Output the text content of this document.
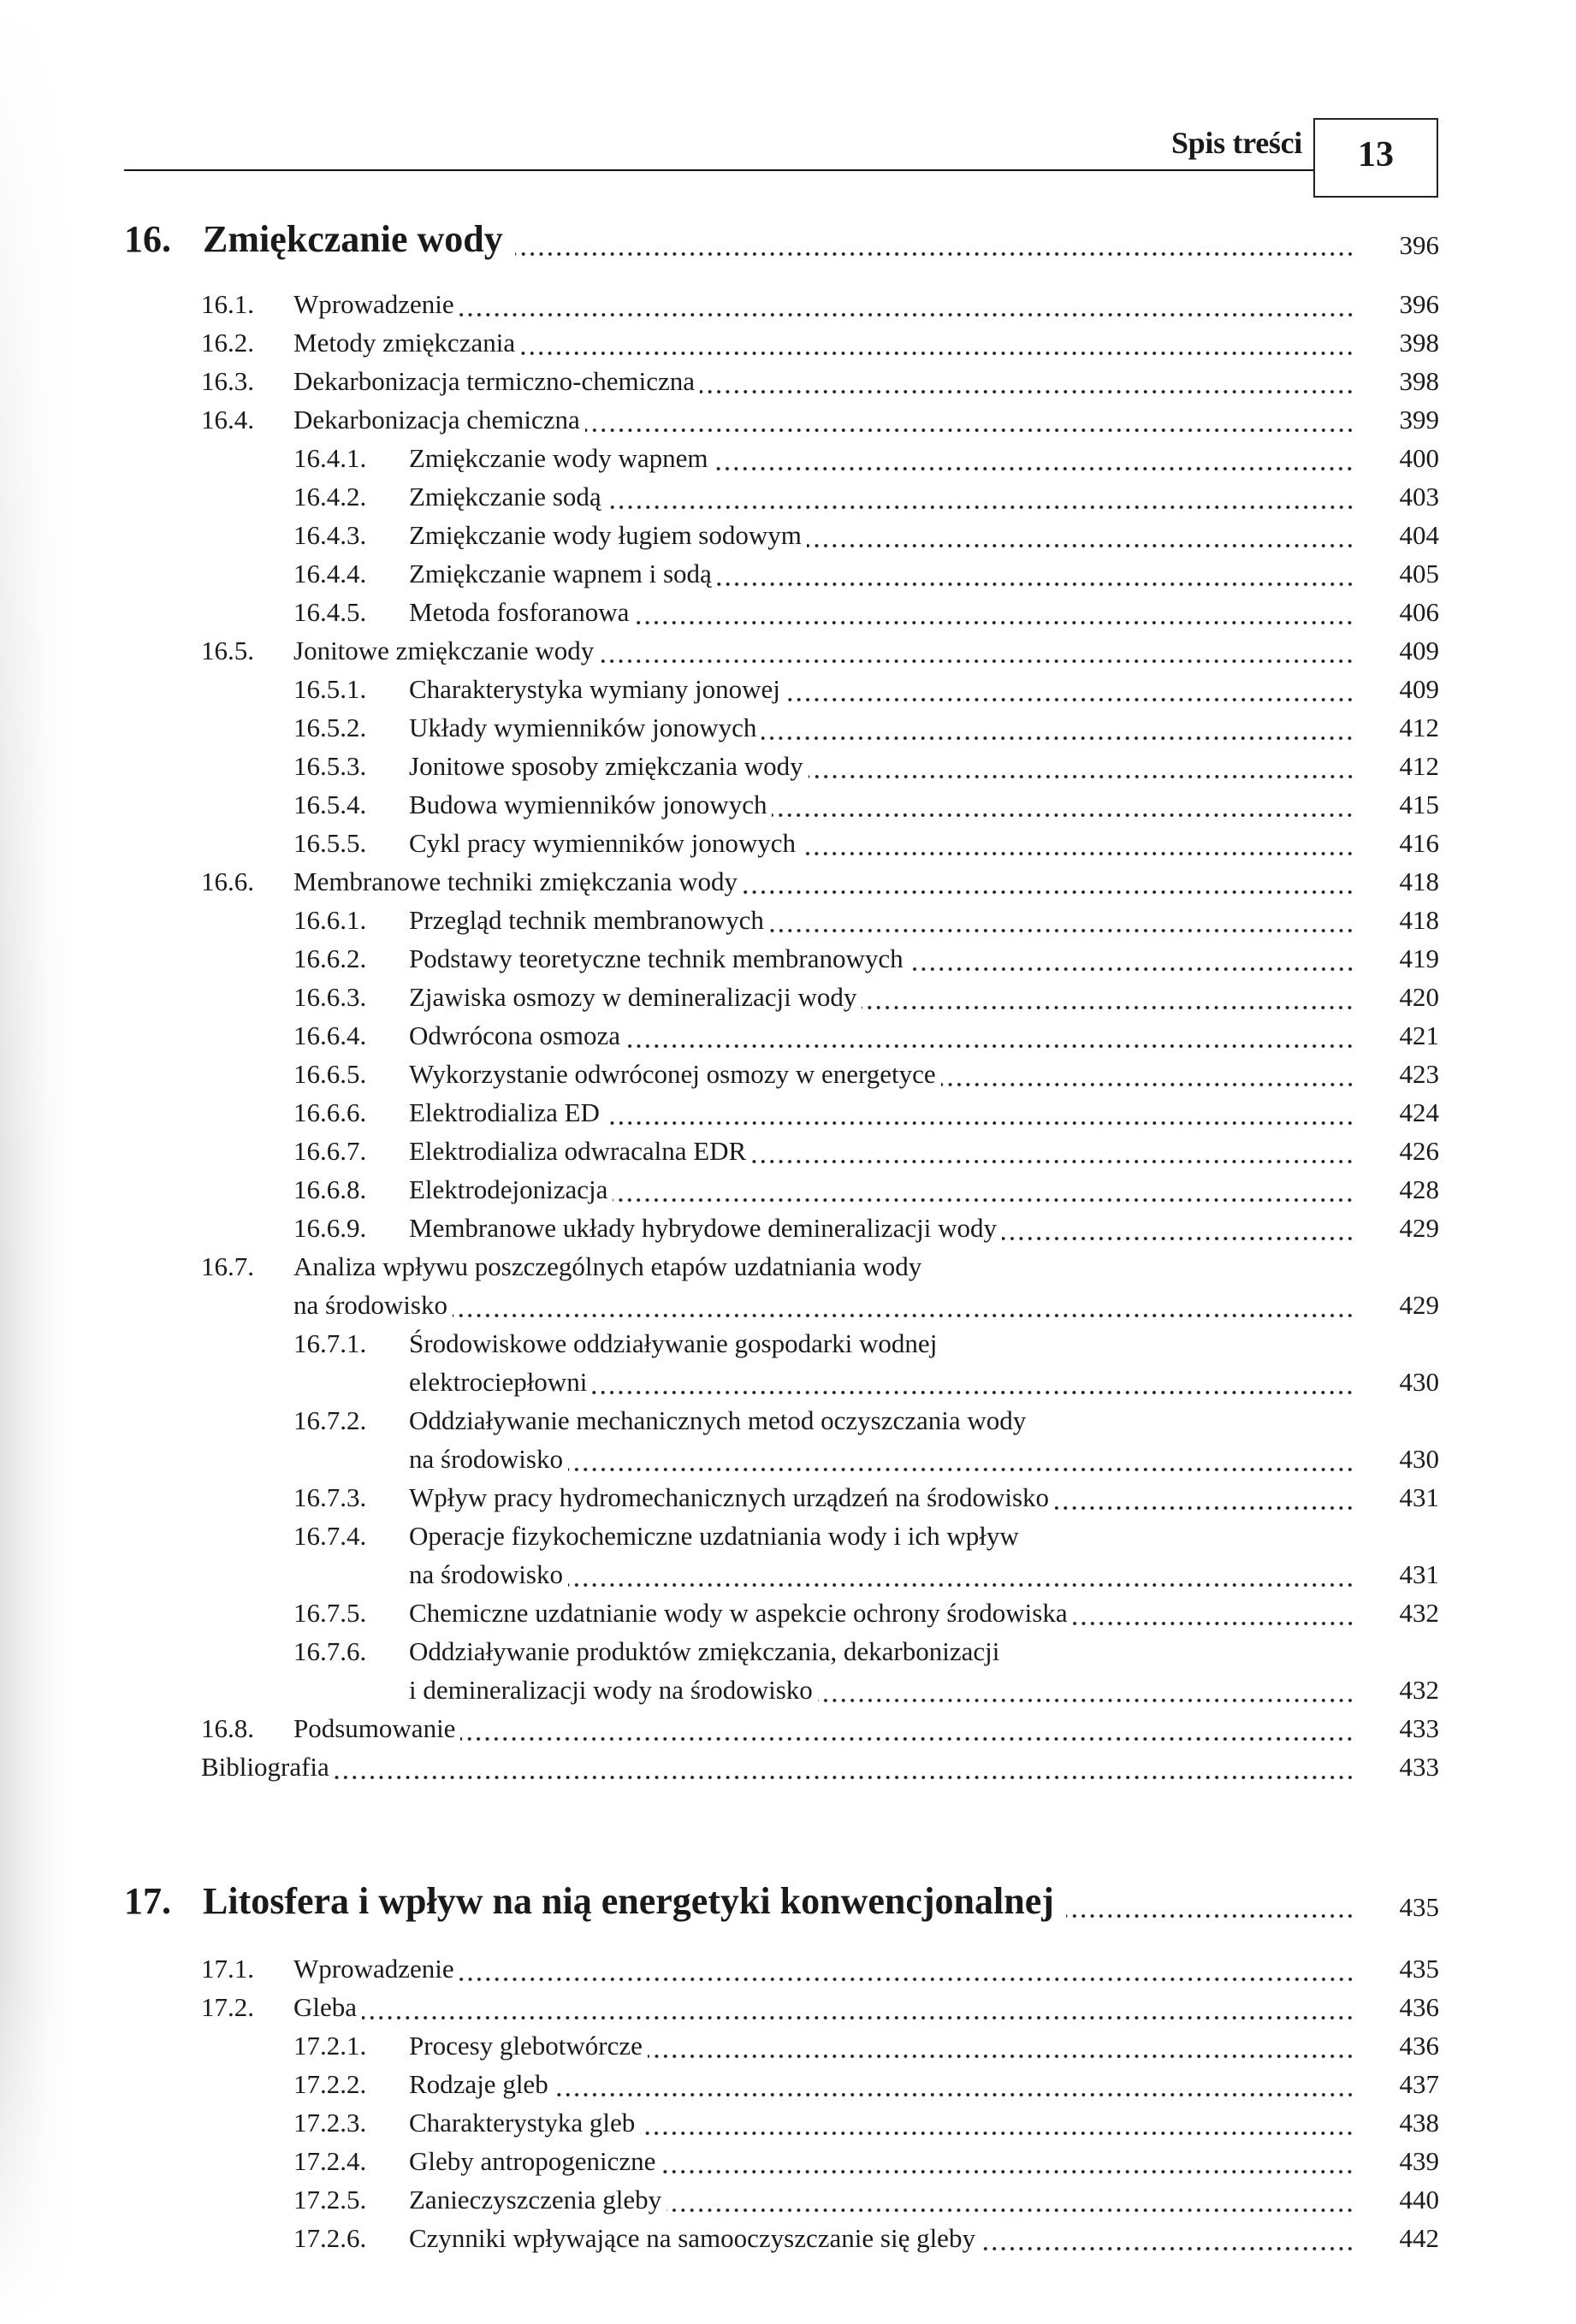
Spis treści	13
16. Zmiękczanie wody	396
16.1. Wprowadzenie	396
16.2. Metody zmiękczania	398
16.3. Dekarbonizacja termiczno-chemiczna	398
16.4. Dekarbonizacja chemiczna	399
16.4.1. Zmiękczanie wody wapnem	400
16.4.2. Zmiękczanie sodą	403
16.4.3. Zmiękczanie wody ługiem sodowym	404
16.4.4. Zmiękczanie wapnem i sodą	405
16.4.5. Metoda fosforanowa	406
16.5. Jonitowe zmiękczanie wody	409
16.5.1. Charakterystyka wymiany jonowej	409
16.5.2. Układy wymienników jonowych	412
16.5.3. Jonitowe sposoby zmiękczania wody	412
16.5.4. Budowa wymienników jonowych	415
16.5.5. Cykl pracy wymienników jonowych	416
16.6. Membranowe techniki zmiękczania wody	418
16.6.1. Przegląd technik membranowych	418
16.6.2. Podstawy teoretyczne technik membranowych	419
16.6.3. Zjawiska osmozy w demineralizacji wody	420
16.6.4. Odwrócona osmoza	421
16.6.5. Wykorzystanie odwróconej osmozy w energetyce	423
16.6.6. Elektrodializa ED	424
16.6.7. Elektrodializa odwracalna EDR	426
16.6.8. Elektrodejonizacja	428
16.6.9. Membranowe układy hybrydowe demineralizacji wody	429
16.7. Analiza wpływu poszczególnych etapów uzdatniania wody
na środowisko	429
16.7.1. Środowiskowe oddziaływanie gospodarki wodnej
elektrociepłowni	430
16.7.2. Oddziaływanie mechanicznych metod oczyszczania wody
na środowisko	430
16.7.3. Wpływ pracy hydromechanicznych urządzeń na środowisko	431
16.7.4. Operacje fizykochemiczne uzdatniania wody i ich wpływ
na środowisko	431
16.7.5. Chemiczne uzdatnianie wody w aspekcie ochrony środowiska	432
16.7.6. Oddziaływanie produktów zmiękczania, dekarbonizacji
i demineralizacji wody na środowisko	432
16.8. Podsumowanie	433
Bibliografia	433
17. Litosfera i wpływ na nią energetyki konwencjonalnej	435
17.1. Wprowadzenie	435
17.2. Gleba	436
17.2.1. Procesy glebotwórcze	436
17.2.2. Rodzaje gleb	437
17.2.3. Charakterystyka gleb	438
17.2.4. Gleby antropogeniczne	439
17.2.5. Zanieczyszczenia gleby	440
17.2.6. Czynniki wpływające na samooczyszczanie się gleby	442
